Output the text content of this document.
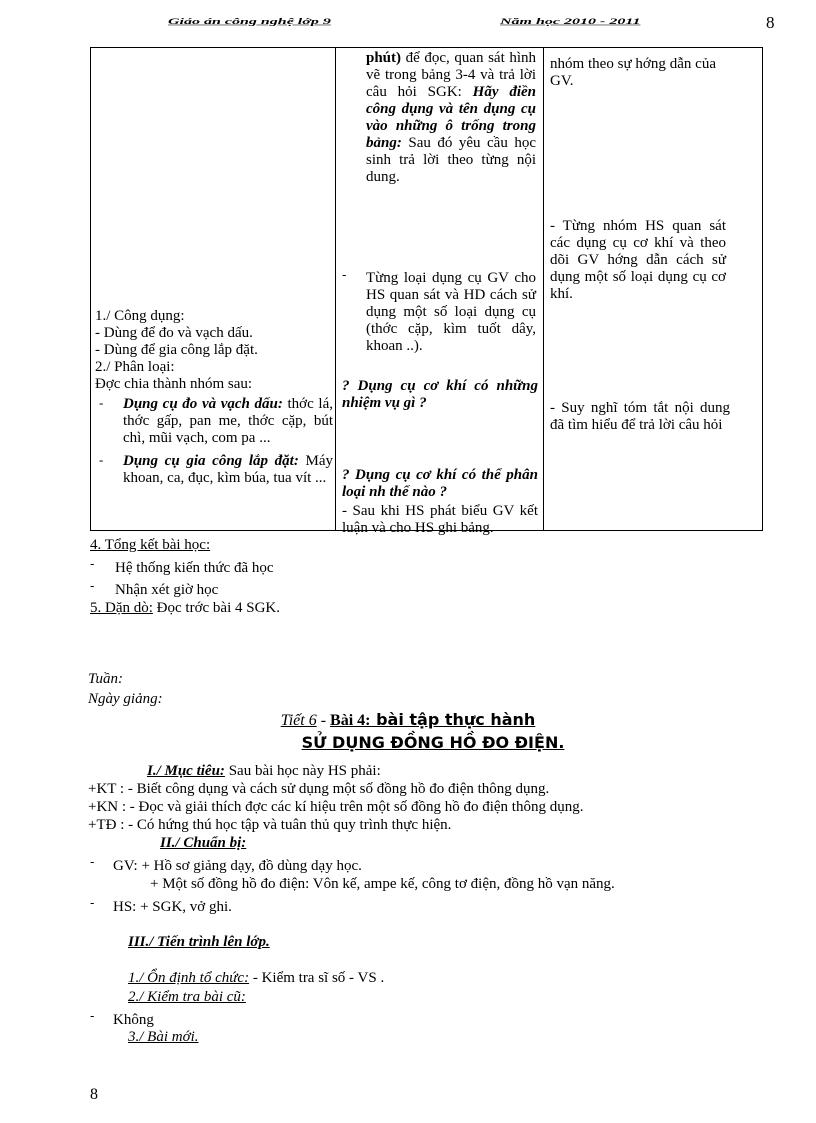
Giáo án công nghệ lớp 9	Năm học 2010 - 2011	8
1./ Công dụng:
- Dùng để đo và vạch dấu.
- Dùng để gia công lắp đặt.
2./ Phân loại:
Đợc chia thành nhóm sau:
- Dụng cụ đo và vạch dấu: thớc lá, thớc gấp, pan me, thớc cặp, bút chì, mũi vạch, com pa ...
- Dụng cụ gia công lắp đặt: Máy khoan, ca, đục, kìm búa, tua vít ...

phút) để đọc, quan sát hình vẽ trong bảng 3-4 và trả lời câu hỏi SGK: Hãy điền công dụng và tên dụng cụ vào những ô trống trong bảng: Sau đó yêu cầu học sinh trả lời theo từng nội dung.
- Từng loại dụng cụ GV cho HS quan sát và HD cách sử dụng một số loại dụng cụ (thớc cặp, kìm tuốt dây, khoan ..).
? Dụng cụ cơ khí có những nhiệm vụ gì ?
? Dụng cụ cơ khí có thể phân loại nh thế nào ?
- Sau khi HS phát biểu GV kết luận và cho HS ghi bảng.

nhóm theo sự hớng dẫn của GV.
- Từng nhóm HS quan sát các dụng cụ cơ khí và theo dõi GV hớng dẫn cách sử dụng một số loại dụng cụ cơ khí.
- Suy nghĩ tóm tắt nội dung đã tìm hiểu để trả lời câu hỏi
4. Tổng kết bài học:
- Hệ thống kiến thức đã học
- Nhận xét giờ học
5. Dặn dò: Đọc trớc bài 4 SGK.
Tuần:
Ngày giảng:
Tiết 6 - Bài 4: bài tập thực hành
SỬ DỤNG ĐỒNG HỒ ĐO ĐIỆN.
I./ Mục tiêu: Sau bài học này HS phải:
+KT : - Biết công dụng và cách sử dụng một số đồng hồ đo điện thông dụng.
+KN : - Đọc và giải thích đợc các kí hiệu trên một số đồng hồ đo điện thông dụng.
+TĐ : - Có hứng thú học tập và tuân thủ quy trình thực hiện.
II./ Chuẩn bị:
- GV: + Hồ sơ giảng dạy, đồ dùng dạy học.
+ Một số đồng hồ đo điện: Vôn kế, ampe kế, công tơ điện, đồng hồ vạn năng.
- HS: + SGK, vở ghi.
III./ Tiến trình lên lớp.
1./ Ổn định tổ chức: - Kiểm tra sĩ số - VS .
2./ Kiểm tra bài cũ:
- Không
3./ Bài mới.
8
